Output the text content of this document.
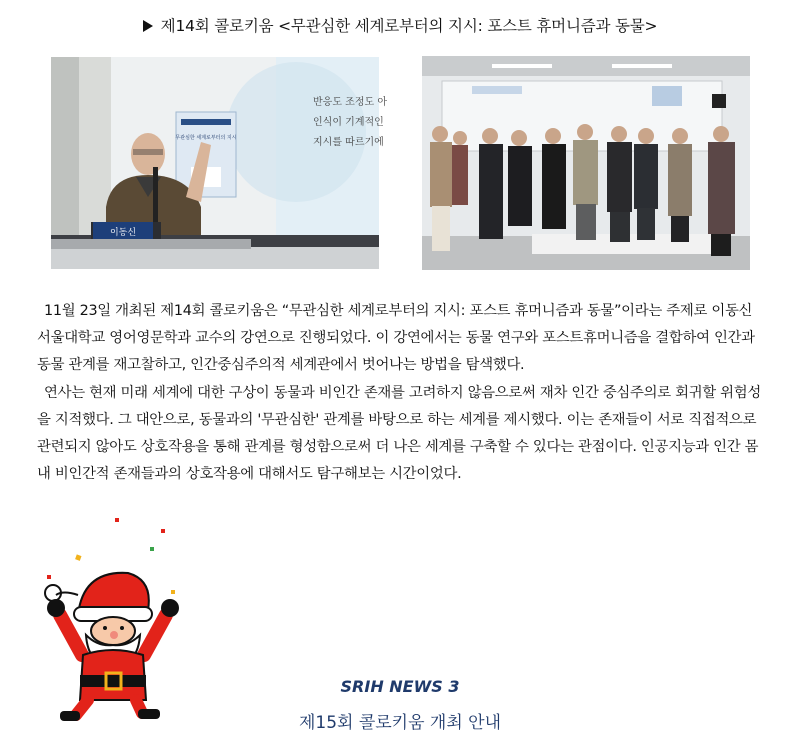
제14회 콜로키움 <무관심한 세계로부터의 지시: 포스트 휴머니즘과 동물>
반응도 조정도 아
인식이 기계적인
지시를 따르기에
무관심한 세계로부터의 지시
이동신

11월 23일 개최된 제14회 콜로키움은 “무관심한 세계로부터의 지시: 포스트 휴머니즘과 동물”이라는 주제로 이동신 서울대학교 영어영문학과 교수의 강연으로 진행되었다. 이 강연에서는 동물 연구와 포스트휴머니즘을 결합하여 인간과 동물 관계를 재고찰하고, 인간중심주의적 세계관에서 벗어나는 방법을 탐색했다.

연사는 현재 미래 세계에 대한 구상이 동물과 비인간 존재를 고려하지 않음으로써 재차 인간 중심주의로 회귀할 위험성을 지적했다. 그 대안으로, 동물과의 '무관심한' 관계를 바탕으로 하는 세계를 제시했다. 이는 존재들이 서로 직접적으로 관련되지 않아도 상호작용을 통해 관계를 형성함으로써 더 나은 세계를 구축할 수 있다는 관점이다. 인공지능과 인간 몸 내 비인간적 존재들과의 상호작용에 대해서도 탐구해보는 시간이었다.

SRIH NEWS 3
제15회 콜로키움 개최 안내
